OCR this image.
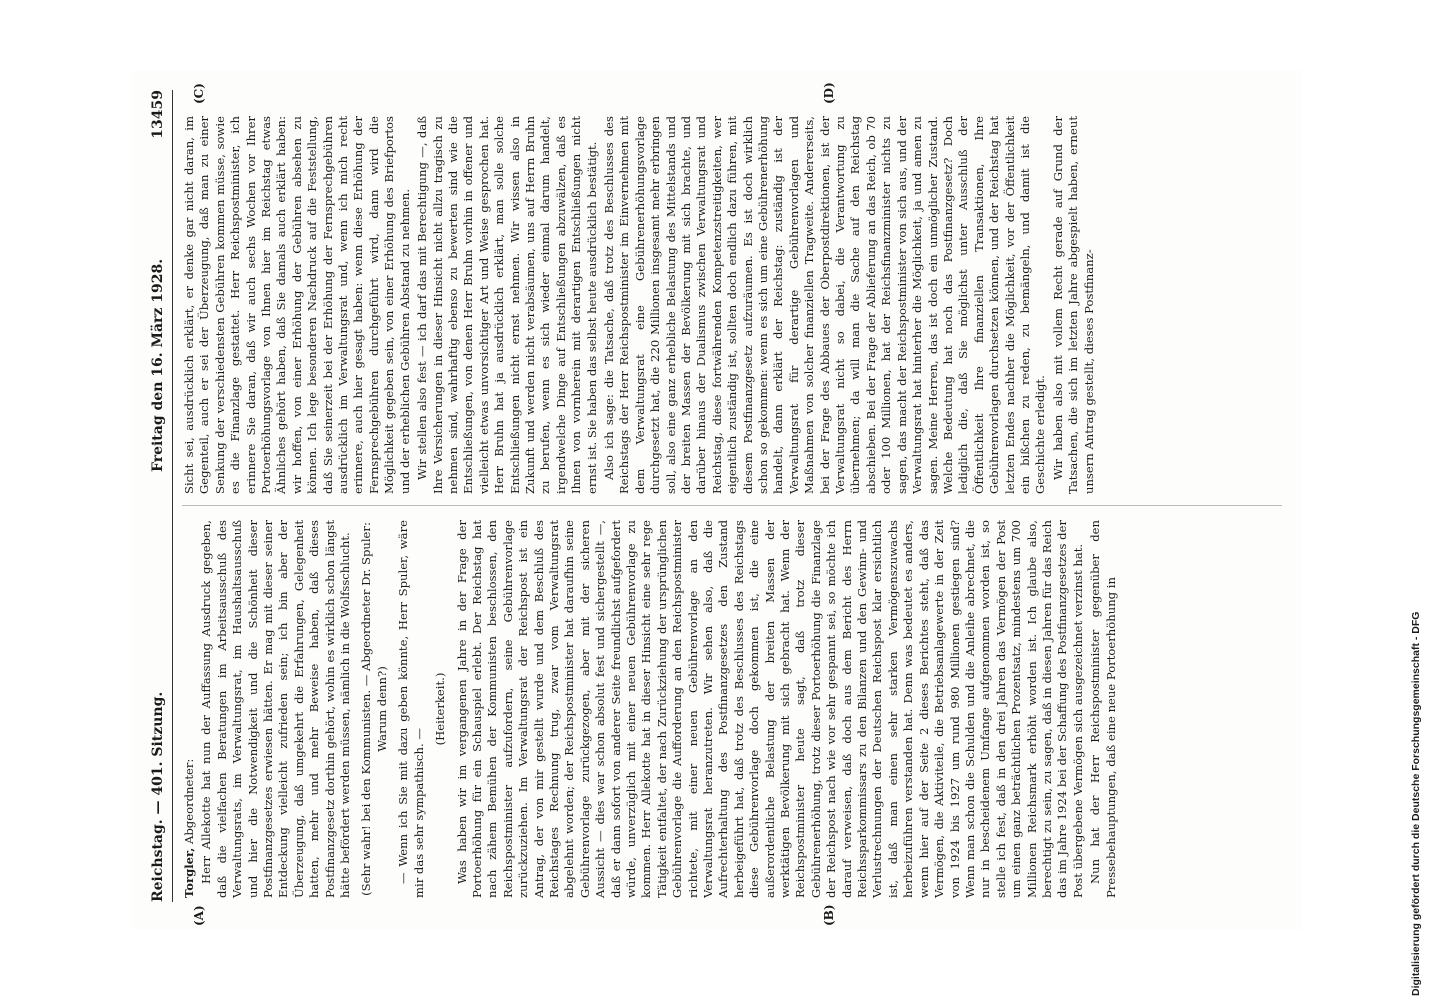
Reichstag. — 401. Sitzung.
Freitag den 16. März 1928.
13459
(A)	(B)
(C)	(D)

Torgler, Abgeordneter: Herr Allekotte hat nun der Auffassung Ausdruck gegeben, daß die vielfachen Beratungen im Arbeitsausschuß des Verwaltungsrats, im Verwaltungsrat, im Haushaltsausschuß und hier die Notwendigkeit und die Schönheit dieser Postfinanzgesetzes erwiesen hätten. Er mag mit dieser seiner Entdeckung vielleicht zufrieden sein; ich bin aber der Überzeugung, daß umgekehrt die Erfahrungen, Gelegenheit hatten, mehr und mehr Beweise haben, daß dieses Postfinanzgesetz dorthin gehört, wohin es wirklich schon längst hätte befördert werden müssen, nämlich in die Wolfsschlucht. (Sehr wahr! bei den Kommunisten. — Abgeordneter Dr. Spuler: Warum denn?) — Wenn ich Sie mit dazu geben könnte, Herr Spuler, wäre mir das sehr sympathisch. —

(Heiterkeit.) Was haben wir im vergangenen Jahre in der Frage der Portoerhöhung für ein Schauspiel erlebt. Der Reichstag hat nach zähem Bemühen der Kommunisten beschlossen, den Reichspostminister aufzufordern, seine Gebührenvorlage zurückzuziehen. Im Verwaltungsrat der Reichspost ist ein Antrag, der von mir gestellt wurde und dem Beschluß des Reichstages Rechnung trug, zwar vom Verwaltungsrat abgelehnt worden; der Reichspostminister hat daraufhin seine Gebührenvorlage zurückgezogen, aber mit der sicheren Aussicht — dies war schon absolut fest und sichergestellt —, daß er dann sofort von anderer Seite freundlichst aufgefordert würde, unverzüglich mit einer neuen Gebührenvorlage zu kommen. Herr Allekotte hat in dieser Hinsicht eine sehr rege Tätigkeit entfaltet, der nach Zurückziehung der ursprünglichen Gebührenvorlage die Aufforderung an den Reichspostminister richtete, mit einer neuen Gebührenvorlage an den Verwaltungsrat heranzutreten. Wir sehen also, daß die Aufrechterhaltung des Postfinanzgesetzes den Zustand herbeigeführt hat, daß trotz des Beschlusses des Reichstags diese Gebührenvorlage doch gekommen ist, die eine außerordentliche Belastung der breiten Massen der werktätigen Bevölkerung mit sich gebracht hat. Wenn der Reichspostminister heute sagt, daß trotz dieser Gebührenerhöhung, trotz dieser Portoerhöhung die Finanzlage der Reichspost nach wie vor sehr gespannt sei, so möchte ich darauf verweisen, daß doch aus dem Bericht des Herrn Reichssparkommissars zu den Bilanzen und den Gewinn- und Verlustrechnungen der Deutschen Reichspost klar ersichtlich ist, daß man einen sehr starken Vermögenszuwachs herbeizuführen verstanden hat. Denn was bedeutet es anders, wenn hier auf der Seite 2 dieses Berichtes steht, daß das Vermögen, die Aktiviteile, die Betriebsanlagewerte in der Zeit von 1924 bis 1927 um rund 980 Millionen gestiegen sind? Wenn man schon die Schulden und die Anleihe abrechnet, die nur in bescheidenem Umfange aufgenommen worden ist, so stelle ich fest, daß in den drei Jahren das Vermögen der Post um einen ganz beträchtlichen Prozentsatz, mindestens um 700 Millionen Reichsmark erhöht worden ist. Ich glaube also, berechtigt zu sein, zu sagen, daß in diesen Jahren für das Reich das im Jahre 1924 bei der Schaffung des Postfinanzgesetzes der Post übergebene Vermögen sich ausgezeichnet verzinst hat. Nun hat der Herr Reichspostminister gegenüber den Pressebehauptungen, daß eine neue Portoerhöhung in

Sicht sei, ausdrücklich erklärt, er denke gar nicht daran, im Gegenteil, auch er sei der Überzeugung, daß man zu einer Senkung der verschiedensten Gebühren kommen müsse, sowie es die Finanzlage gestattet. Herr Reichspostminister, ich erinnere Sie daran, daß wir auch sechs Wochen vor Ihrer Portoerhöhungsvorlage von Ihnen hier im Reichstag etwas Ähnliches gehört haben, daß Sie damals auch erklärt haben: wir hoffen, von einer Erhöhung der Gebühren absehen zu können. Ich lege besonderen Nachdruck auf die Feststellung, daß Sie seinerzeit bei der Erhöhung der Fernsprechgebühren ausdrücklich im Verwaltungsrat und, wenn ich mich recht erinnere, auch hier gesagt haben: wenn diese Erhöhung der Fernsprechgebühren durchgeführt wird, dann wird die Möglichkeit gegeben sein, von einer Erhöhung des Briefportos und der erheblichen Gebühren Abstand zu nehmen. Wir stellen also fest — ich darf das mit Berechtigung —, daß Ihre Versicherungen in dieser Hinsicht nicht allzu tragisch zu nehmen sind, wahrhaftig ebenso zu bewerten sind wie die Entschließungen, von denen Herr Bruhn vorhin in offener und vielleicht etwas unvorsichtiger Art und Weise gesprochen hat. Herr Bruhn hat ja ausdrücklich erklärt, man solle solche Entschließungen nicht ernst nehmen. Wir wissen also in Zukunft und werden nicht verabsäumen, uns auf Herrn Bruhn zu berufen, wenn es sich wieder einmal darum handelt, irgendwelche Dinge auf Entschließungen abzuwälzen, daß es Ihnen von vornherein mit derartigen Entschließungen nicht ernst ist. Sie haben das selbst heute ausdrücklich bestätigt. Also ich sage: die Tatsache, daß trotz des Beschlusses des Reichstags der Herr Reichspostminister im Einvernehmen mit dem Verwaltungsrat eine Gebührenerhöhungsvorlage durchgesetzt hat, die 220 Millionen insgesamt mehr erbringen soll, also eine ganz erhebliche Belastung des Mittelstands und der breiten Massen der Bevölkerung mit sich brachte, und darüber hinaus der Dualismus zwischen Verwaltungsrat und Reichstag, diese fortwährenden Kompetenzstreitigkeiten, wer eigentlich zuständig ist, sollten doch endlich dazu führen, mit diesem Postfinanzgesetz aufzuräumen. Es ist doch wirklich schon so gekommen: wenn es sich um eine Gebührenerhöhung handelt, dann erklärt der Reichstag: zuständig ist der Verwaltungsrat für derartige Gebührenvorlagen und Maßnahmen von solcher finanziellen Tragweite. Andererseits, bei der Frage des Abbaues der Oberpostdirektionen, ist der Verwaltungsrat nicht so dabei, die Verantwortung zu übernehmen; da will man die Sache auf den Reichstag abschieben. Bei der Frage der Ablieferung an das Reich, ob 70 oder 100 Millionen, hat der Reichsfinanzminister nichts zu sagen, das macht der Reichspostminister von sich aus, und der Verwaltungsrat hat hinterher die Möglichkeit, ja und amen zu sagen. Meine Herren, das ist doch ein unmöglicher Zustand. Welche Bedeutung hat noch das Postfinanzgesetz? Doch lediglich die, daß Sie möglichst unter Ausschluß der Öffentlichkeit Ihre finanziellen Transaktionen, Ihre Gebührenvorlagen durchsetzen können, und der Reichstag hat letzten Endes nachher die Möglichkeit, vor der Öffentlichkeit ein bißchen zu reden, zu bemängeln, und damit ist die Geschichte erledigt. Wir haben also mit vollem Recht gerade auf Grund der Tatsachen, die sich im letzten Jahre abgespielt haben, erneut unsern Antrag gestellt, dieses Postfinanz-

Digitalisierung gefördert durch die Deutsche Forschungsgemeinschaft - DFG
